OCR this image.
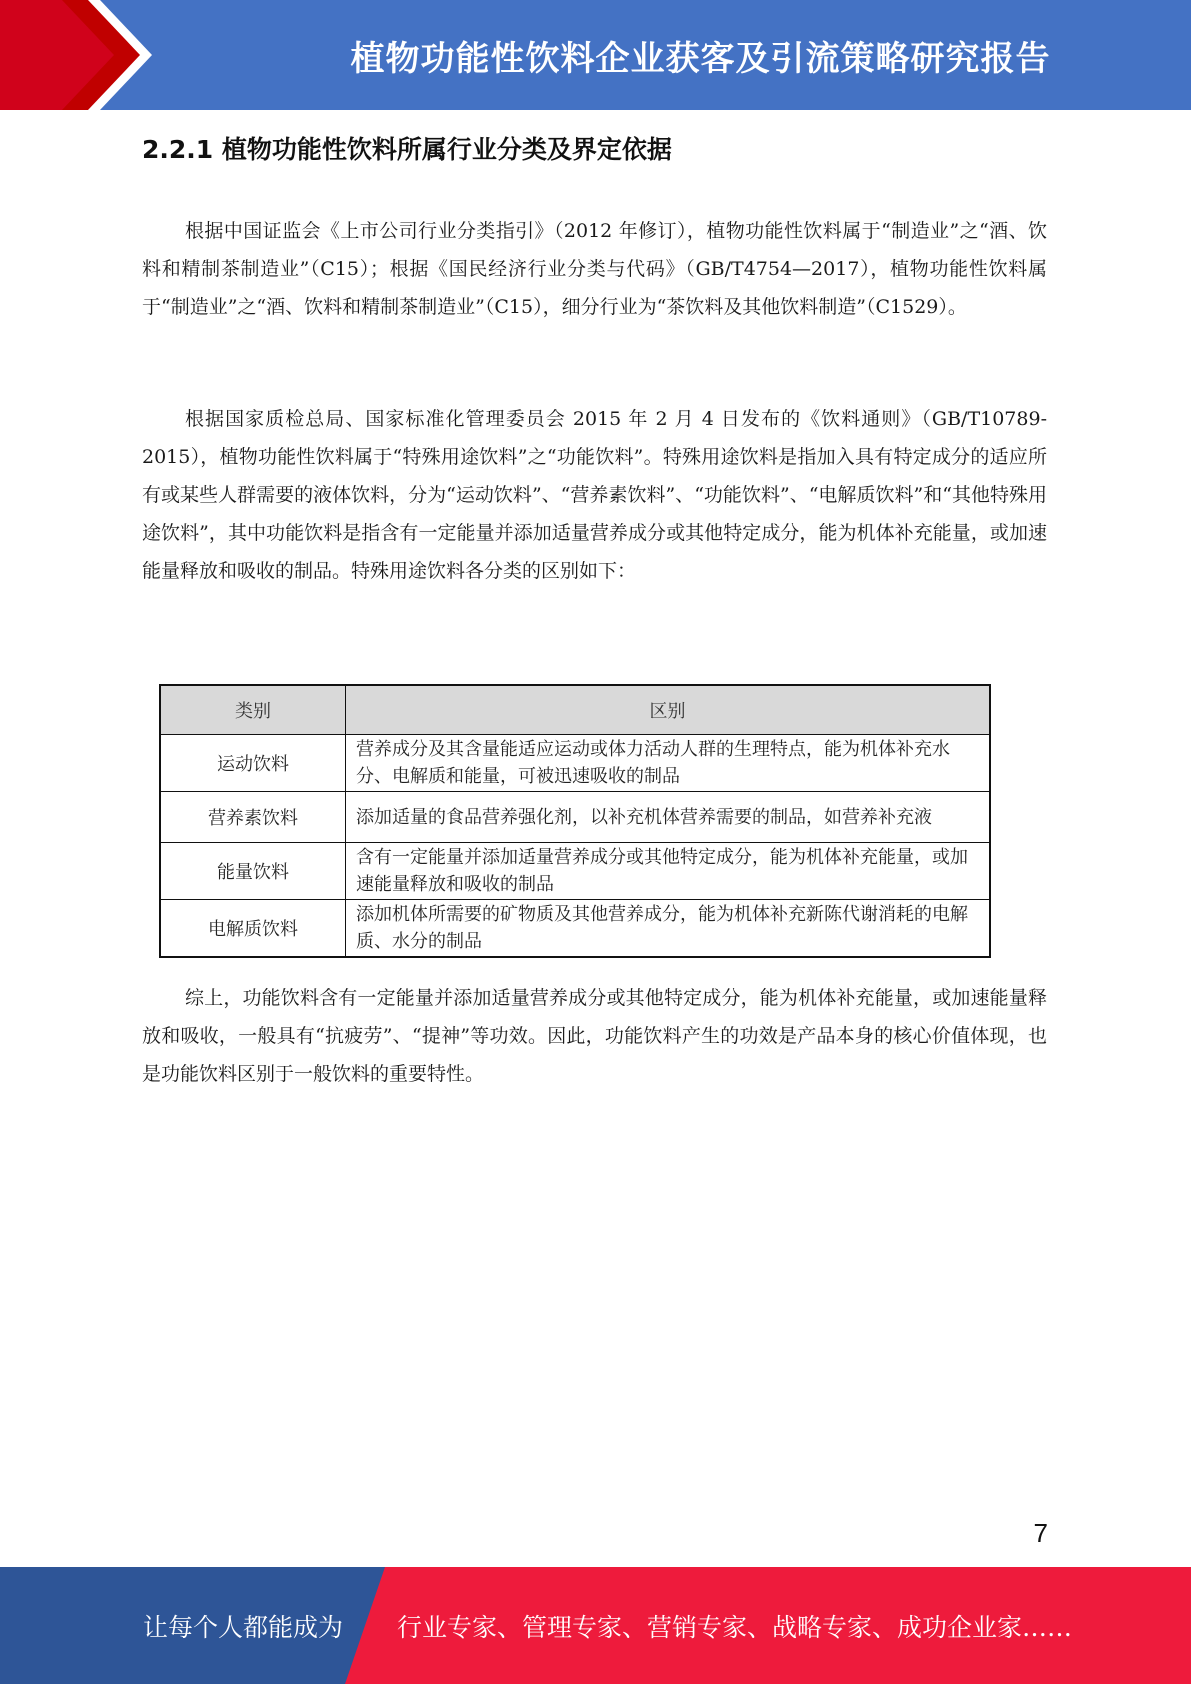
植物功能性饮料企业获客及引流策略研究报告
2.2.1 植物功能性饮料所属行业分类及界定依据

根据中国证监会《上市公司行业分类指引》（2012 年修订），植物功能性饮料属于“制造业”之“酒、饮料和精制茶制造业”（C15）；根据《国民经济行业分类与代码》（GB/T4754—2017），植物功能性饮料属于“制造业”之“酒、饮料和精制茶制造业”（C15），细分行业为“茶饮料及其他饮料制造”（C1529）。

根据国家质检总局、国家标准化管理委员会 2015 年 2 月 4 日发布的《饮料通则》（GB/T10789-2015），植物功能性饮料属于“特殊用途饮料”之“功能饮料”。特殊用途饮料是指加入具有特定成分的适应所有或某些人群需要的液体饮料，分为“运动饮料”、“营养素饮料”、“功能饮料”、“电解质饮料”和“其他特殊用途饮料”，其中功能饮料是指含有一定能量并添加适量营养成分或其他特定成分，能为机体补充能量，或加速能量释放和吸收的制品。特殊用途饮料各分类的区别如下：

类别	区别
运动饮料	营养成分及其含量能适应运动或体力活动人群的生理特点，能为机体补充水分、电解质和能量，可被迅速吸收的制品
营养素饮料	添加适量的食品营养强化剂，以补充机体营养需要的制品，如营养补充液
能量饮料	含有一定能量并添加适量营养成分或其他特定成分，能为机体补充能量，或加速能量释放和吸收的制品
电解质饮料	添加机体所需要的矿物质及其他营养成分，能为机体补充新陈代谢消耗的电解质、水分的制品

综上，功能饮料含有一定能量并添加适量营养成分或其他特定成分，能为机体补充能量，或加速能量释放和吸收，一般具有“抗疲劳”、“提神”等功效。因此，功能饮料产生的功效是产品本身的核心价值体现，也是功能饮料区别于一般饮料的重要特性。

7
让每个人都能成为 行业专家、管理专家、营销专家、战略专家、成功企业家……
